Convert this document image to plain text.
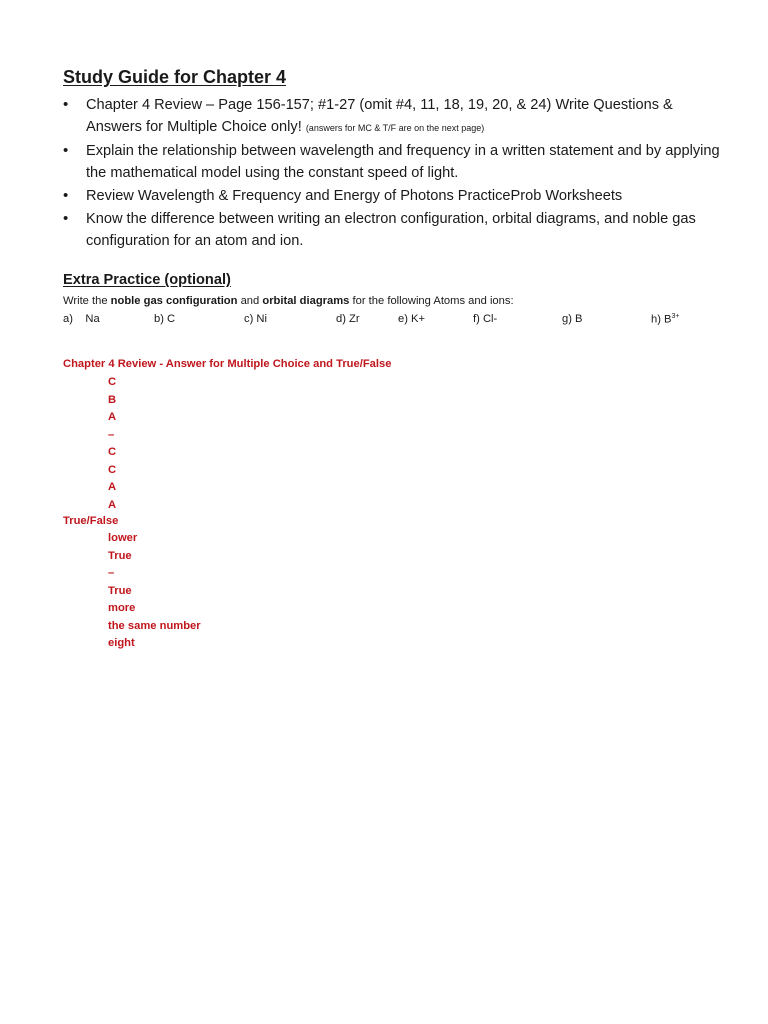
Study Guide for Chapter 4
• Chapter 4 Review – Page 156-157; #1-27 (omit #4, 11, 18, 19, 20, & 24) Write Questions & Answers for Multiple Choice only! (answers for MC & T/F are on the next page)
• Explain the relationship between wavelength and frequency in a written statement and by applying the mathematical model using the constant speed of light.
• Review Wavelength & Frequency and Energy of Photons PracticeProb Worksheets
• Know the difference between writing an electron configuration, orbital diagrams, and noble gas configuration for an atom and ion.
Extra Practice (optional)
Write the noble gas configuration and orbital diagrams for the following Atoms and ions:
a)    Na	b) C	c) Ni	d) Zr	e) K+	f) Cl-	g) B	h) $B^{3+}$
Chapter 4 Review - Answer for Multiple Choice and True/False
C
B
A
–
C
C
A
A
True/False
lower
True
–
True
more
the same number
eight
